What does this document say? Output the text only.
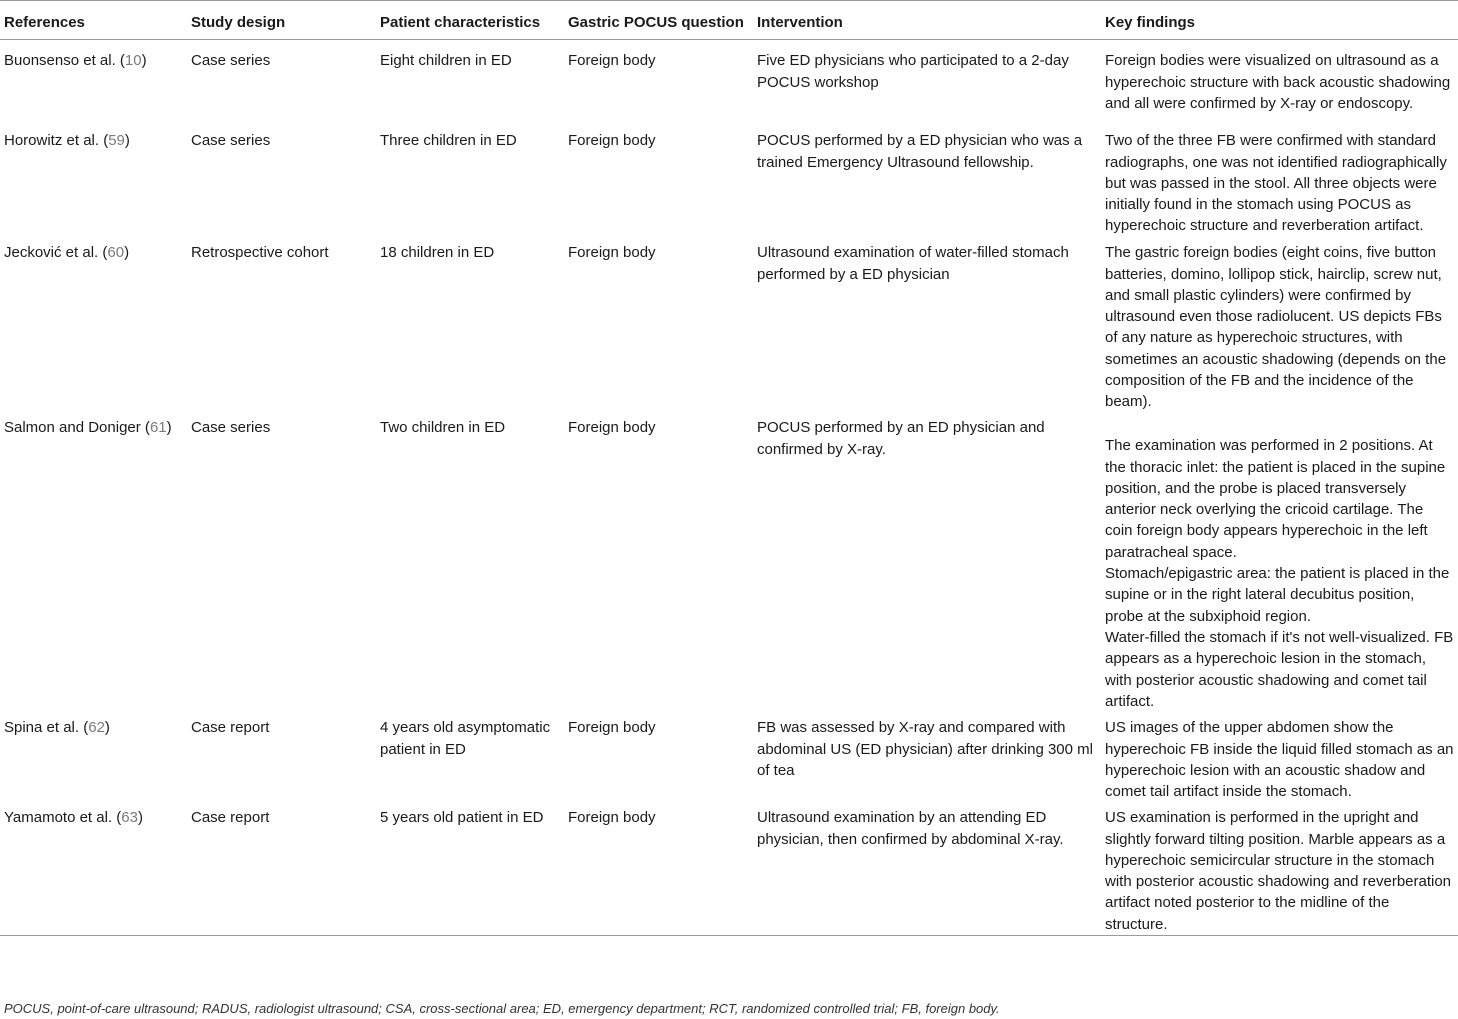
References	Study design	Patient characteristics	Gastric POCUS question	Intervention	Key findings
Buonsenso et al. (10)	Case series	Eight children in ED	Foreign body	Five ED physicians who participated to a 2-day POCUS workshop	Foreign bodies were visualized on ultrasound as a hyperechoic structure with back acoustic shadowing and all were confirmed by X-ray or endoscopy.
Horowitz et al. (59)	Case series	Three children in ED	Foreign body	POCUS performed by a ED physician who was a trained Emergency Ultrasound fellowship.	Two of the three FB were confirmed with standard radiographs, one was not identified radiographically but was passed in the stool. All three objects were initially found in the stomach using POCUS as hyperechoic structure and reverberation artifact.
Jecković et al. (60)	Retrospective cohort	18 children in ED	Foreign body	Ultrasound examination of water-filled stomach performed by a ED physician	The gastric foreign bodies (eight coins, five button batteries, domino, lollipop stick, hairclip, screw nut, and small plastic cylinders) were confirmed by ultrasound even those radiolucent. US depicts FBs of any nature as hyperechoic structures, with sometimes an acoustic shadowing (depends on the composition of the FB and the incidence of the beam).
Salmon and Doniger (61)	Case series	Two children in ED	Foreign body	POCUS performed by an ED physician and confirmed by X-ray.	The examination was performed in 2 positions. At the thoracic inlet: the patient is placed in the supine position, and the probe is placed transversely anterior neck overlying the cricoid cartilage. The coin foreign body appears hyperechoic in the left paratracheal space.
Stomach/epigastric area: the patient is placed in the supine or in the right lateral decubitus position, probe at the subxiphoid region.
Water-filled the stomach if it's not well-visualized. FB appears as a hyperechoic lesion in the stomach, with posterior acoustic shadowing and comet tail artifact.

Spina et al. (62)	Case report	4 years old asymptomatic patient in ED	Foreign body	FB was assessed by X-ray and compared with abdominal US (ED physician) after drinking 300 ml of tea	US images of the upper abdomen show the hyperechoic FB inside the liquid filled stomach as an hyperechoic lesion with an acoustic shadow and comet tail artifact inside the stomach.
Yamamoto et al. (63)	Case report	5 years old patient in ED	Foreign body	Ultrasound examination by an attending ED physician, then confirmed by abdominal X-ray.	US examination is performed in the upright and slightly forward tilting position. Marble appears as a hyperechoic semicircular structure in the stomach with posterior acoustic shadowing and reverberation artifact noted posterior to the midline of the structure.
POCUS, point-of-care ultrasound; RADUS, radiologist ultrasound; CSA, cross-sectional area; ED, emergency department; RCT, randomized controlled trial; FB, foreign body.
